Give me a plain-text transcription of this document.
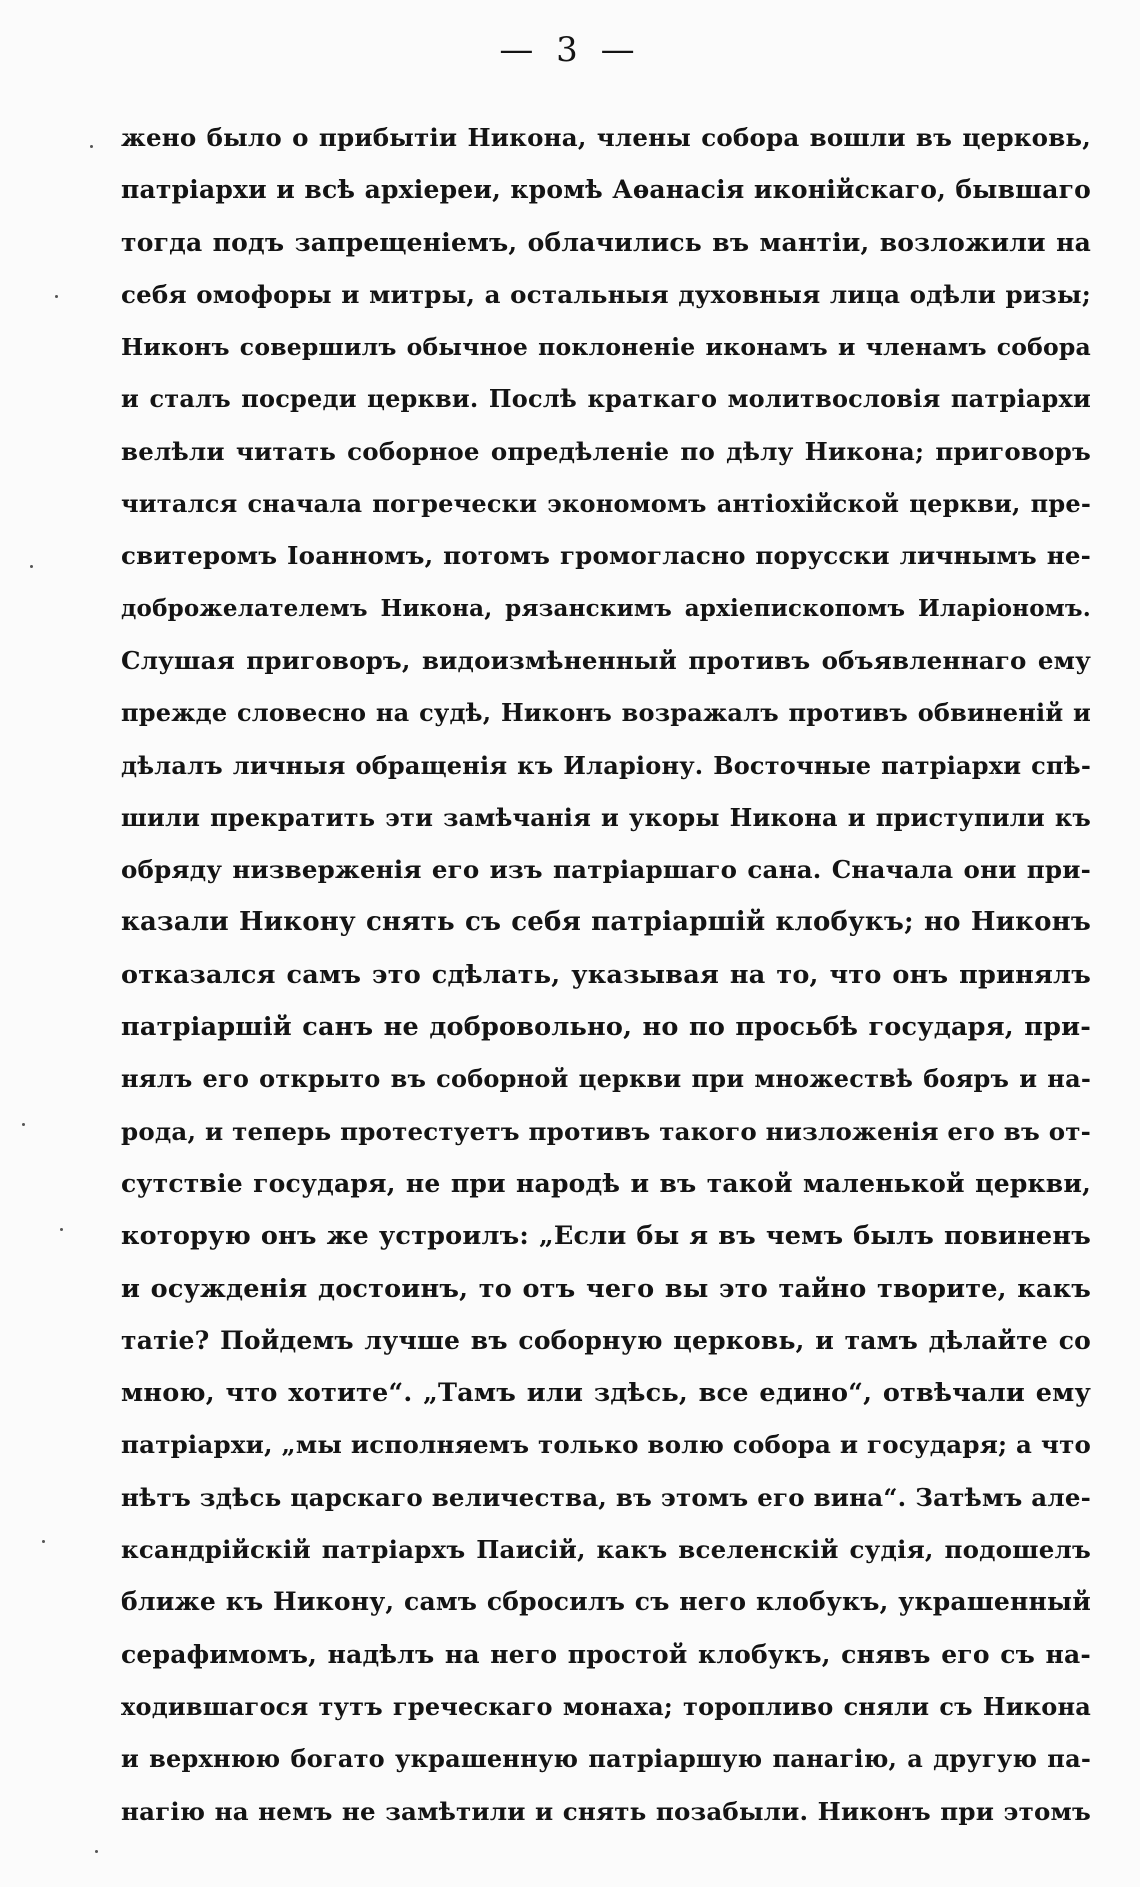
— 3 —
жено было о прибытiи Никона, члены собора вошли въ церковь,
патрiархи и всѣ архiереи, кромѣ Аѳанасiя иконiйскаго, бывшаго
тогда подъ запрещенiемъ, облачились въ мантiи, возложили на
себя омофоры и митры, а остальныя духовныя лица одѣли ризы;
Никонъ совершилъ обычное поклоненiе иконамъ и членамъ собора
и сталъ посреди церкви. Послѣ краткаго молитвословiя патрiархи
велѣли читать соборное опредѣленiе по дѣлу Никона; приговоръ
читался сначала погречески экономомъ антiохiйской церкви, пре-
свитеромъ Iоанномъ, потомъ громогласно порусски личнымъ не-
доброжелателемъ Никона, рязанскимъ архiепископомъ Иларiономъ.
Слушая приговоръ, видоизмѣненный противъ объявленнаго ему
прежде словесно на судѣ, Никонъ возражалъ противъ обвиненiй и
дѣлалъ личныя обращенiя къ Иларiону. Восточные патрiархи спѣ-
шили прекратить эти замѣчанiя и укоры Никона и приступили къ
обряду низверженiя его изъ патрiаршаго сана. Сначала они при-
казали Никону снять съ себя патрiаршiй клобукъ; но Никонъ
отказался самъ это сдѣлать, указывая на то, что онъ принялъ
патрiаршiй санъ не добровольно, но по просьбѣ государя, при-
нялъ его открыто въ соборной церкви при множествѣ бояръ и на-
рода, и теперь протестуетъ противъ такого низложенiя его въ от-
сутствiе государя, не при народѣ и въ такой маленькой церкви,
которую онъ же устроилъ: „Если бы я въ чемъ былъ повиненъ
и осужденiя достоинъ, то отъ чего вы это тайно творите, какъ
татiе? Пойдемъ лучше въ соборную церковь, и тамъ дѣлайте со
мною, что хотите“. „Тамъ или здѣсь, все едино“, отвѣчали ему
патрiархи, „мы исполняемъ только волю собора и государя; а что
нѣтъ здѣсь царскаго величества, въ этомъ его вина“. Затѣмъ але-
ксандрiйскiй патрiархъ Паисiй, какъ вселенскiй судiя, подошелъ
ближе къ Никону, самъ сбросилъ съ него клобукъ, украшенный
серафимомъ, надѣлъ на него простой клобукъ, снявъ его съ на-
ходившагося тутъ греческаго монаха; торопливо сняли съ Никона
и верхнюю богато украшенную патрiаршую панагiю, а другую па-
нагiю на немъ не замѣтили и снять позабыли. Никонъ при этомъ
